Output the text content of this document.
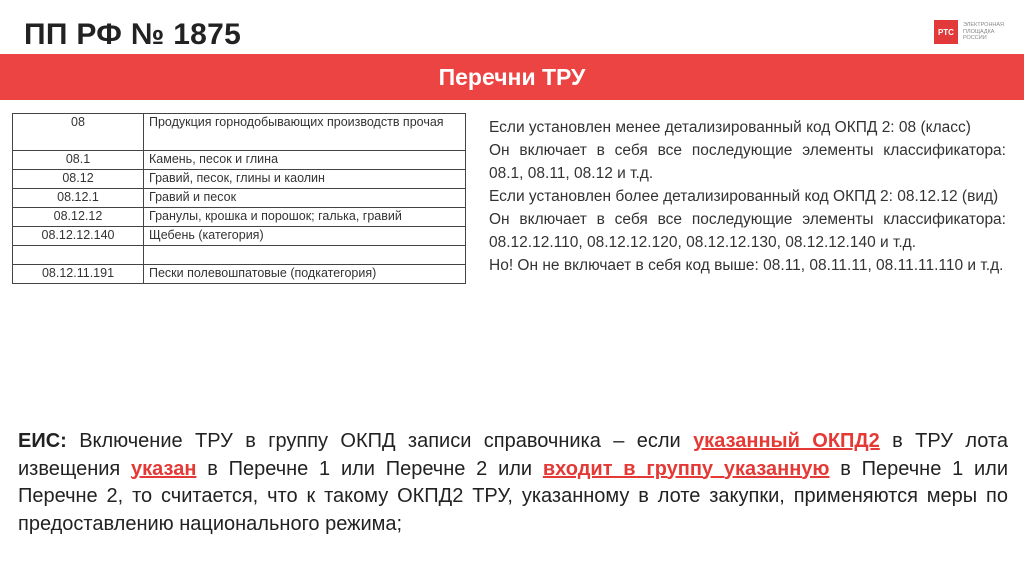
ПП РФ № 1875	РТС
ЭЛЕКТРОННАЯ
ПЛОЩАДКА
РОССИИ
Перечни ТРУ
08	Продукция горнодобывающих производств прочая
08.1	Камень, песок и глина
08.12	Гравий, песок, глины и каолин
08.12.1	Гравий и песок
08.12.12	Гранулы, крошка и порошок; галька, гравий
08.12.12.140	Щебень (категория)

08.12.11.191	Пески полевошпатовые (подкатегория)

Если установлен менее детализированный код ОКПД 2: 08 (класс)

Он включает в себя все последующие элементы классификатора:

08.1, 08.11, 08.12 и т.д.

Если установлен более детализированный код ОКПД 2: 08.12.12 (вид)

Он включает в себя все последующие элементы классификатора:

08.12.12.110, 08.12.12.120, 08.12.12.130, 08.12.12.140 и т.д.

Но! Он не включает в себя код выше: 08.11, 08.11.11, 08.11.11.110 и т.д.

ЕИС: Включение ТРУ в группу ОКПД записи справочника – если указанный ОКПД2 в ТРУ лота извещения указан в Перечне 1 или Перечне 2 или входит в группу указанную в Перечне 1 или Перечне 2, то считается, что к такому ОКПД2 ТРУ, указанному в лоте закупки, применяются меры по предоставлению национального режима;
